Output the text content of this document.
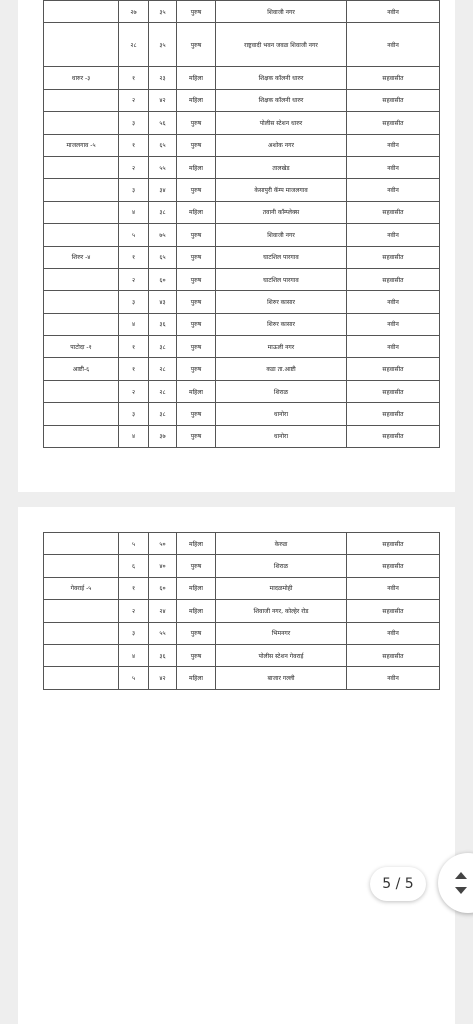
	२७	३५	पुरुष	शिवाजी नगर	नवीन
	२८	३५	पुरुष	राष्ट्रवादी भवन जवळ शिवाजी नगर	नवीन
धारुर -३	१	२३	महिला	शिक्षक कॉलनी धारुर	सहवासीत
	२	४२	महिला	शिक्षक कॉलनी धारुर	सहवासीत
	३	५६	पुरुष	पोलीस स्टेशन धारुर	सहवासीत
माजलगाव -५	१	६५	पुरुष	अशोक नगर	नवीन
	२	५५	महिला	तालखेड	नवीन
	३	३४	पुरुष	केसापुरी कॅम्प माजलगाव	नवीन
	४	३८	महिला	तवानी कॉम्प्लेक्स	सहवासीत
	५	७५	पुरुष	शिवाजी नगर	नवीन
शिरुर -४	१	६५	पुरुष	घाटशिल पारगाव	सहवासीत
	२	६०	पुरुष	घाटशिल पारगाव	सहवासीत
	३	४३	पुरुष	शिरुर कासार	नवीन
	४	३६	पुरुष	शिरुर कासार	नवीन
पाटोदा -१	१	३८	पुरुष	माऊली नगर	नवीन
आष्टी-६	१	२८	पुरुष	कडा ता.आष्टी	सहवासीत
	२	२८	महिला	शिराळ	सहवासीत
	३	३८	पुरुष	धानोरा	सहवासीत
	४	३७	पुरुष	धानोरा	सहवासीत
	५	५०	महिला	केरुळ	सहवासीत
	६	४०	पुरुष	शिराळ	सहवासीत
गेवराई -५	१	६०	महिला	मादळमोही	नवीन
	२	२४	महिला	शिवाजी नगर, कोल्हेर रोड	सहवासीत
	३	५५	पुरुष	भिमनगर	नवीन
	४	३६	पुरुष	पोलीस स्टेशन गेवराई	सहवासीत
	५	४२	महिला	बाजार गल्ली	नवीन
5 / 5
